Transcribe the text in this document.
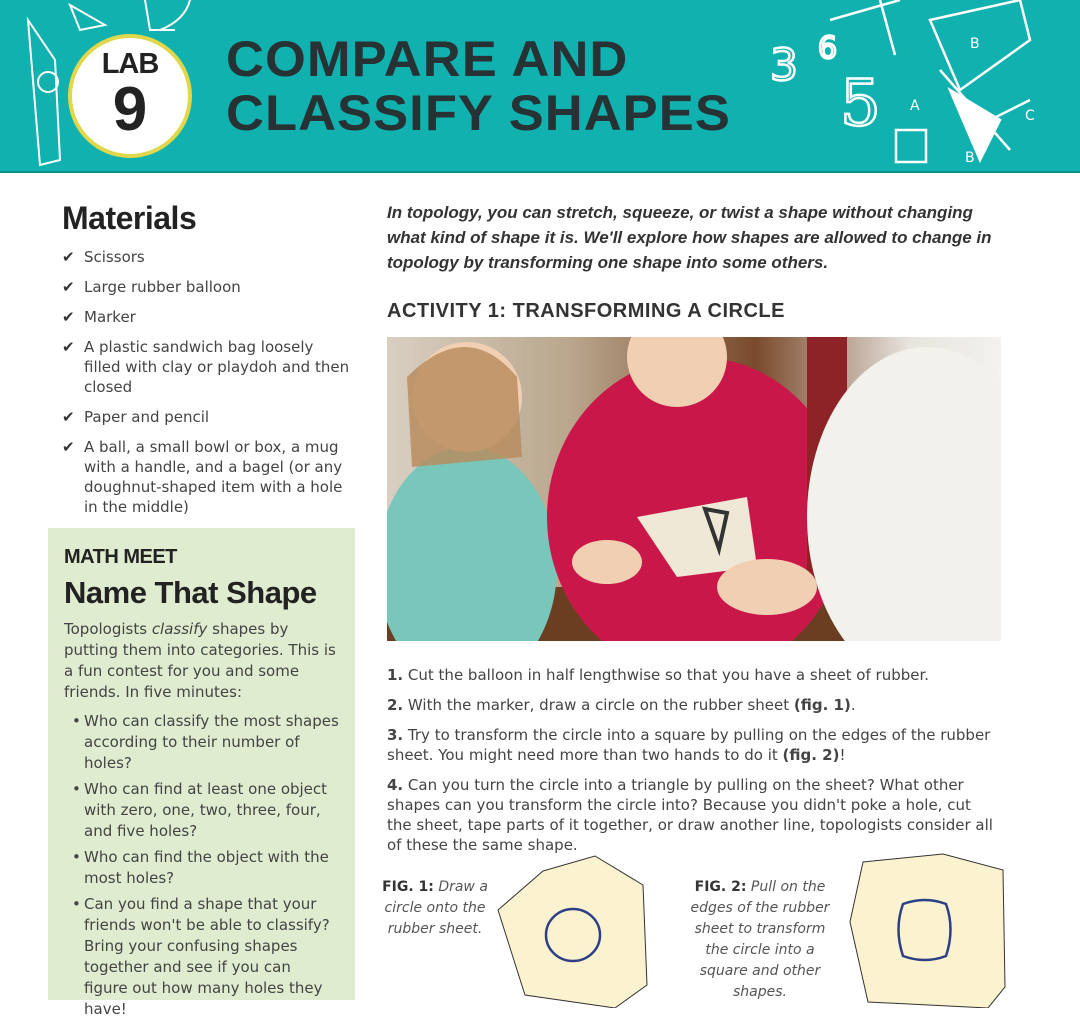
3 6
5
B
A
C
B
LAB
9
COMPARE AND
CLASSIFY SHAPES
Materials
✔ Scissors
✔ Large rubber balloon
✔ Marker
✔ A plastic sandwich bag loosely filled with clay or playdoh and then closed
✔ Paper and pencil
✔ A ball, a small bowl or box, a mug with a handle, and a bagel (or any doughnut-shaped item with a hole in the middle)
MATH MEET
Name That Shape

Topologists classify shapes by putting them into categories. This is a fun contest for you and some friends. In five minutes:

• Who can classify the most shapes according to their number of holes?
• Who can find at least one object with zero, one, two, three, four, and five holes?
• Who can find the object with the most holes?
• Can you find a shape that your friends won't be able to classify? Bring your confusing shapes together and see if you can figure out how many holes they have!

In topology, you can stretch, squeeze, or twist a shape without changing what kind of shape it is. We'll explore how shapes are allowed to change in topology by transforming one shape into some others.

ACTIVITY 1: TRANSFORMING A CIRCLE

1. Cut the balloon in half lengthwise so that you have a sheet of rubber.

2. With the marker, draw a circle on the rubber sheet (fig. 1).

3. Try to transform the circle into a square by pulling on the edges of the rubber sheet. You might need more than two hands to do it (fig. 2)!

4. Can you turn the circle into a triangle by pulling on the sheet? What other shapes can you transform the circle into? Because you didn't poke a hole, cut the sheet, tape parts of it together, or draw another line, topologists consider all of these the same shape.

FIG. 1: Draw a circle onto the rubber sheet.
FIG. 2: Pull on the edges of the rubber sheet to transform the circle into a square and other shapes.
